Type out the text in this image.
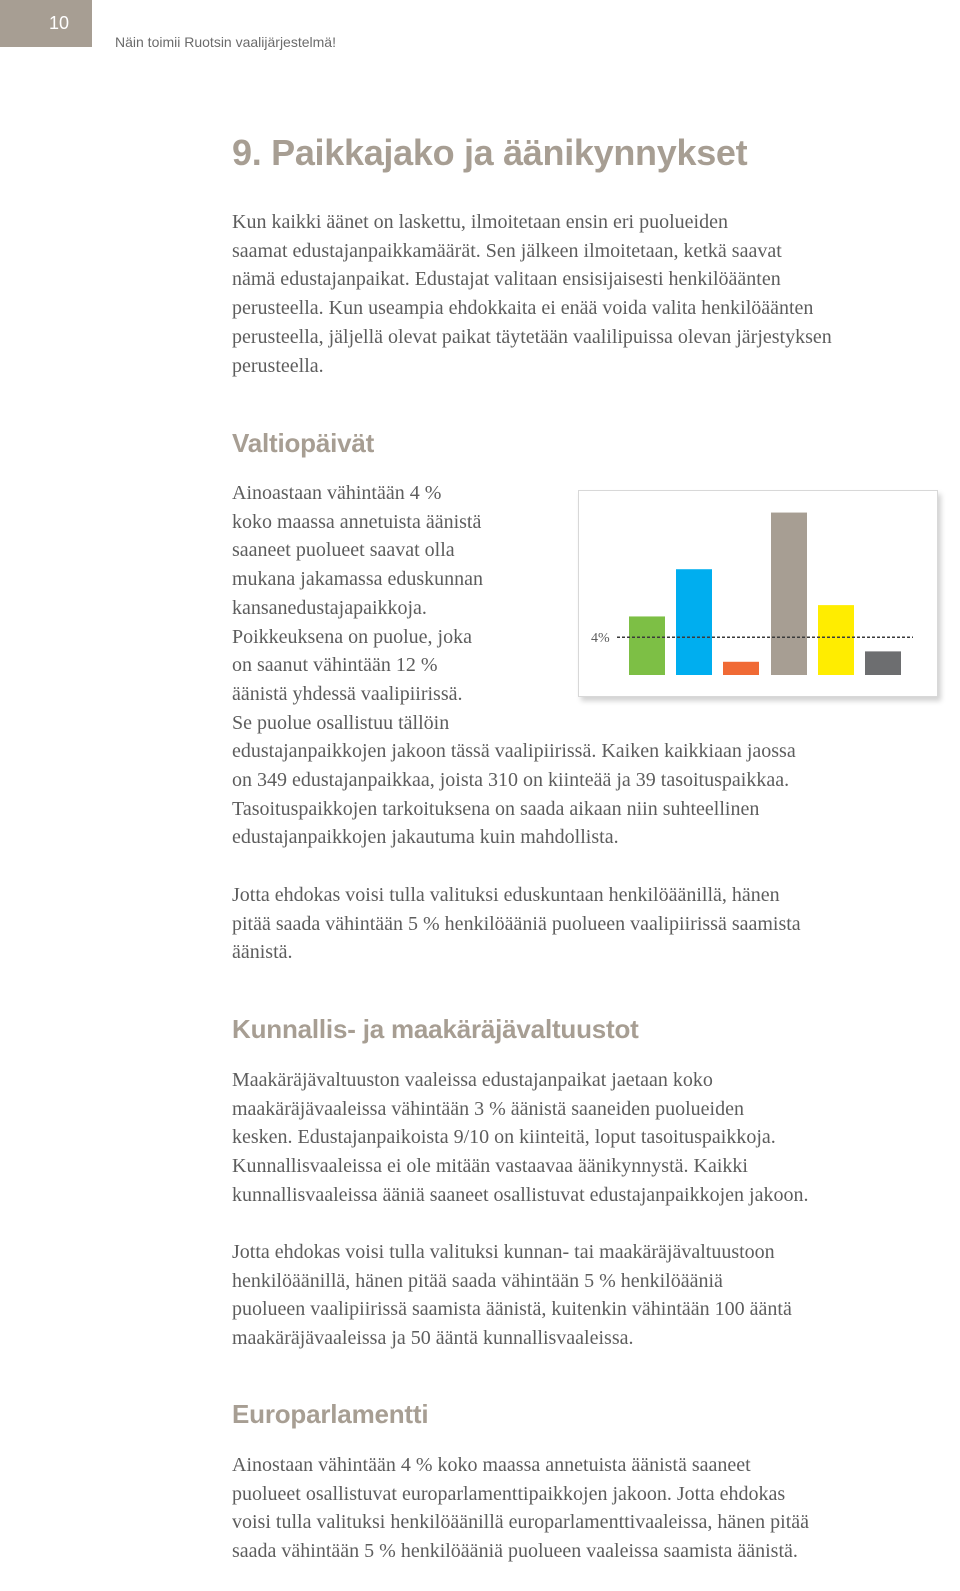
10
Näin toimii Ruotsin vaalijärjestelmä!
9. Paikkajako ja äänikynnykset
Kun kaikki äänet on laskettu, ilmoitetaan ensin eri puolueiden
saamat edustajanpaikkamäärät. Sen jälkeen ilmoitetaan, ketkä saavat
nämä edustajanpaikat. Edustajat valitaan ensisijaisesti henkilöäänten
perusteella. Kun useampia ehdokkaita ei enää voida valita henkilöäänten
perusteella, jäljellä olevat paikat täytetään vaalilipuissa olevan järjestyksen
perusteella.
Valtiopäivät
Ainoastaan vähintään 4 %
koko maassa annetuista äänistä
saaneet puolueet saavat olla
mukana jakamassa eduskunnan
kansanedustajapaikkoja.
Poikkeuksena on puolue, joka
on saanut vähintään 12 %
äänistä yhdessä vaalipiirissä.
Se puolue osallistuu tällöin
edustajanpaikkojen jakoon tässä vaalipiirissä. Kaiken kaikkiaan jaossa
on 349 edustajanpaikkaa, joista 310 on kiinteää ja 39 tasoituspaikkaa.
Tasoituspaikkojen tarkoituksena on saada aikaan niin suhteellinen
edustajanpaikkojen jakautuma kuin mahdollista.
4%
Jotta ehdokas voisi tulla valituksi eduskuntaan henkilöäänillä, hänen
pitää saada vähintään 5 % henkilöääniä puolueen vaalipiirissä saamista
äänistä.
Kunnallis- ja maakäräjävaltuustot
Maakäräjävaltuuston vaaleissa edustajanpaikat jaetaan koko
maakäräjävaaleissa vähintään 3 % äänistä saaneiden puolueiden
kesken. Edustajanpaikoista 9/10 on kiinteitä, loput tasoituspaikkoja.
Kunnallisvaaleissa ei ole mitään vastaavaa äänikynnystä. Kaikki
kunnallisvaaleissa ääniä saaneet osallistuvat edustajanpaikkojen jakoon.
Jotta ehdokas voisi tulla valituksi kunnan- tai maakäräjävaltuustoon
henkilöäänillä, hänen pitää saada vähintään 5 % henkilöääniä
puolueen vaalipiirissä saamista äänistä, kuitenkin vähintään 100 ääntä
maakäräjävaaleissa ja 50 ääntä kunnallisvaaleissa.
Europarlamentti
Ainostaan vähintään 4 % koko maassa annetuista äänistä saaneet
puolueet osallistuvat europarlamenttipaikkojen jakoon. Jotta ehdokas
voisi tulla valituksi henkilöäänillä europarlamenttivaaleissa, hänen pitää
saada vähintään 5 % henkilöääniä puolueen vaaleissa saamista äänistä.
